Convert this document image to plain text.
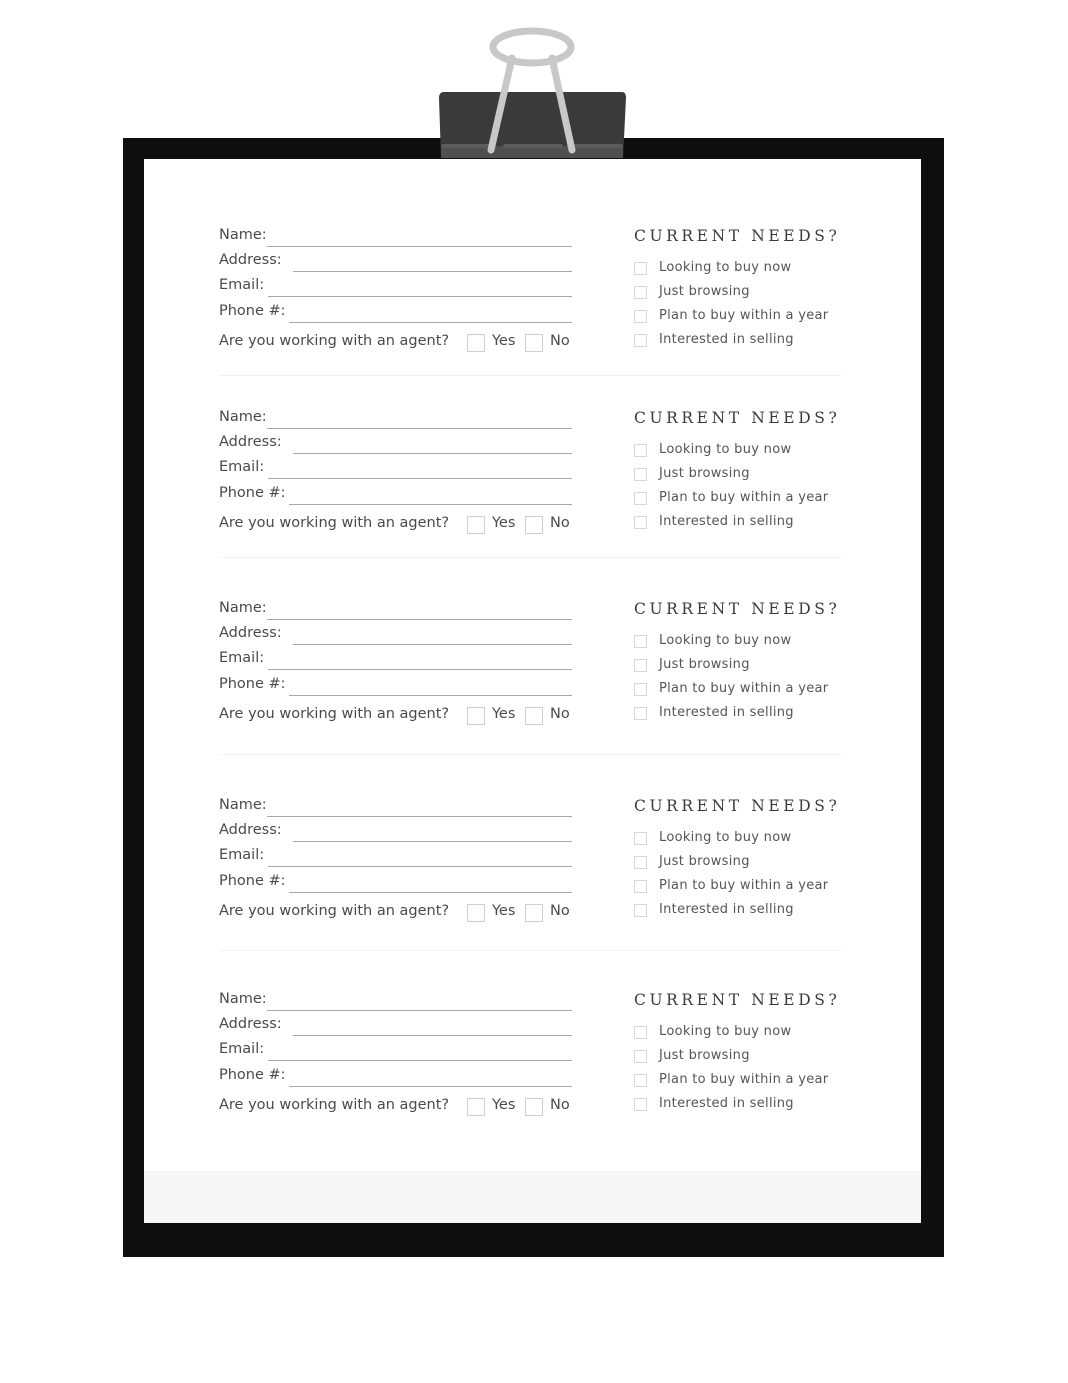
Name:
Address:
Email:
Phone #:
Are you working with an agent?	Yes No
CURRENT NEEDS?
Looking to buy now
Just browsing
Plan to buy within a year
Interested in selling
Name:
Address:
Email:
Phone #:
Are you working with an agent?	Yes No
CURRENT NEEDS?
Looking to buy now
Just browsing
Plan to buy within a year
Interested in selling
Name:
Address:
Email:
Phone #:
Are you working with an agent?	Yes No
CURRENT NEEDS?
Looking to buy now
Just browsing
Plan to buy within a year
Interested in selling
Name:
Address:
Email:
Phone #:
Are you working with an agent?	Yes No
CURRENT NEEDS?
Looking to buy now
Just browsing
Plan to buy within a year
Interested in selling
Name:
Address:
Email:
Phone #:
Are you working with an agent?	Yes No
CURRENT NEEDS?
Looking to buy now
Just browsing
Plan to buy within a year
Interested in selling
